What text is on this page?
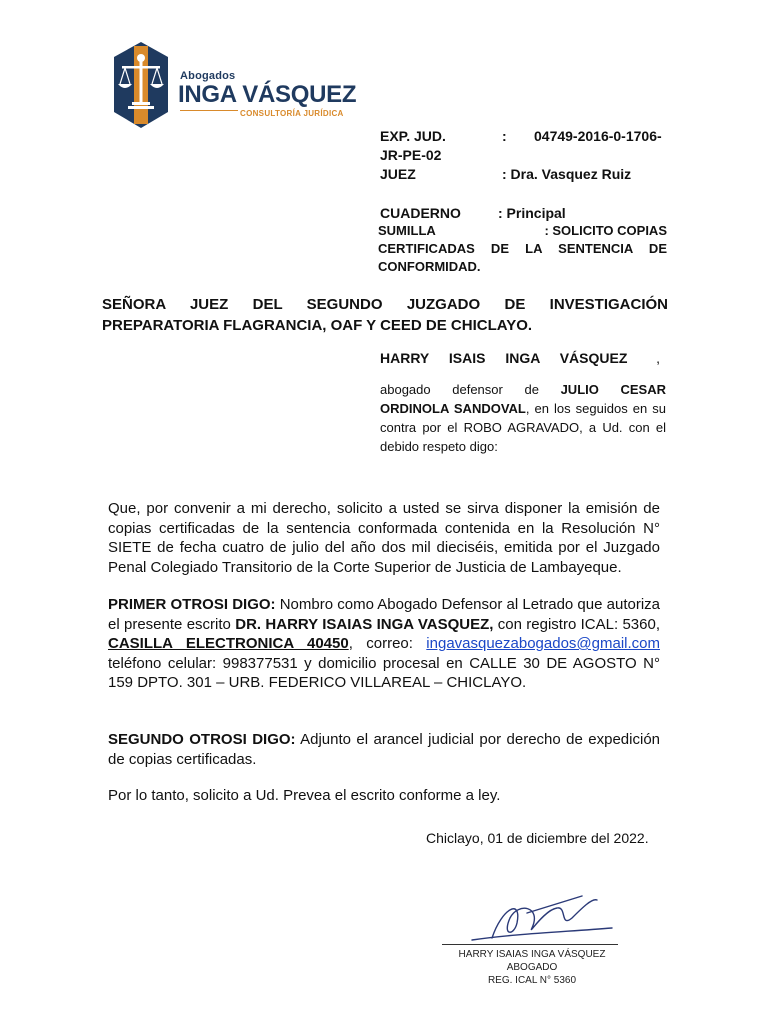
Abogados
INGA VÁSQUEZ
CONSULTORÍA JURÍDICA
EXP. JUD.	:	04749-2016-0-1706-
JR-PE-02
JUEZ	: Dra. Vasquez Ruiz
CUADERNO	: Principal
SUMILLA	: SOLICITO COPIAS
CERTIFICADAS DE LA SENTENCIA DE CONFORMIDAD.
SEÑORA JUEZ DEL SEGUNDO JUZGADO DE INVESTIGACIÓN PREPARATORIA FLAGRANCIA, OAF Y CEED DE CHICLAYO.
HARRY ISAIS INGA VÁSQUEZ ,
abogado defensor de JULIO CESAR ORDINOLA SANDOVAL, en los seguidos en su contra por el ROBO AGRAVADO, a Ud. con el debido respeto digo:
Que, por convenir a mi derecho, solicito a usted se sirva disponer la emisión de copias certificadas de la sentencia conformada contenida en la Resolución N° SIETE de fecha cuatro de julio del año dos mil dieciséis, emitida por el Juzgado Penal Colegiado Transitorio de la Corte Superior de Justicia de Lambayeque.
PRIMER OTROSI DIGO: Nombro como Abogado Defensor al Letrado que autoriza el presente escrito DR. HARRY ISAIAS INGA VASQUEZ, con registro ICAL: 5360, CASILLA ELECTRONICA 40450, correo: ingavasquezabogados@gmail.com teléfono celular: 998377531 y domicilio procesal en CALLE 30 DE AGOSTO N° 159 DPTO. 301 – URB. FEDERICO VILLAREAL – CHICLAYO.
SEGUNDO OTROSI DIGO: Adjunto el arancel judicial por derecho de expedición de copias certificadas.
Por lo tanto, solicito a Ud. Prevea el escrito conforme a ley.
Chiclayo, 01 de diciembre del 2022.
HARRY ISAIAS INGA VÁSQUEZ
ABOGADO
REG. ICAL N° 5360
